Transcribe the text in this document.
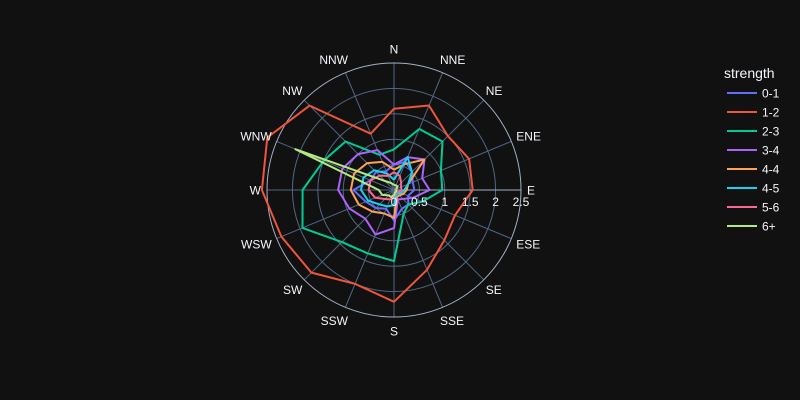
N
NNE
NE
ENE
E
ESE
SE
SSE
S
SSW
SW
WSW
W
WNW
NW
NNW
0 0.5 1 1.5 2 2.5
strength
0-1
1-2
2-3
3-4
4-4
4-5
5-6
6+
